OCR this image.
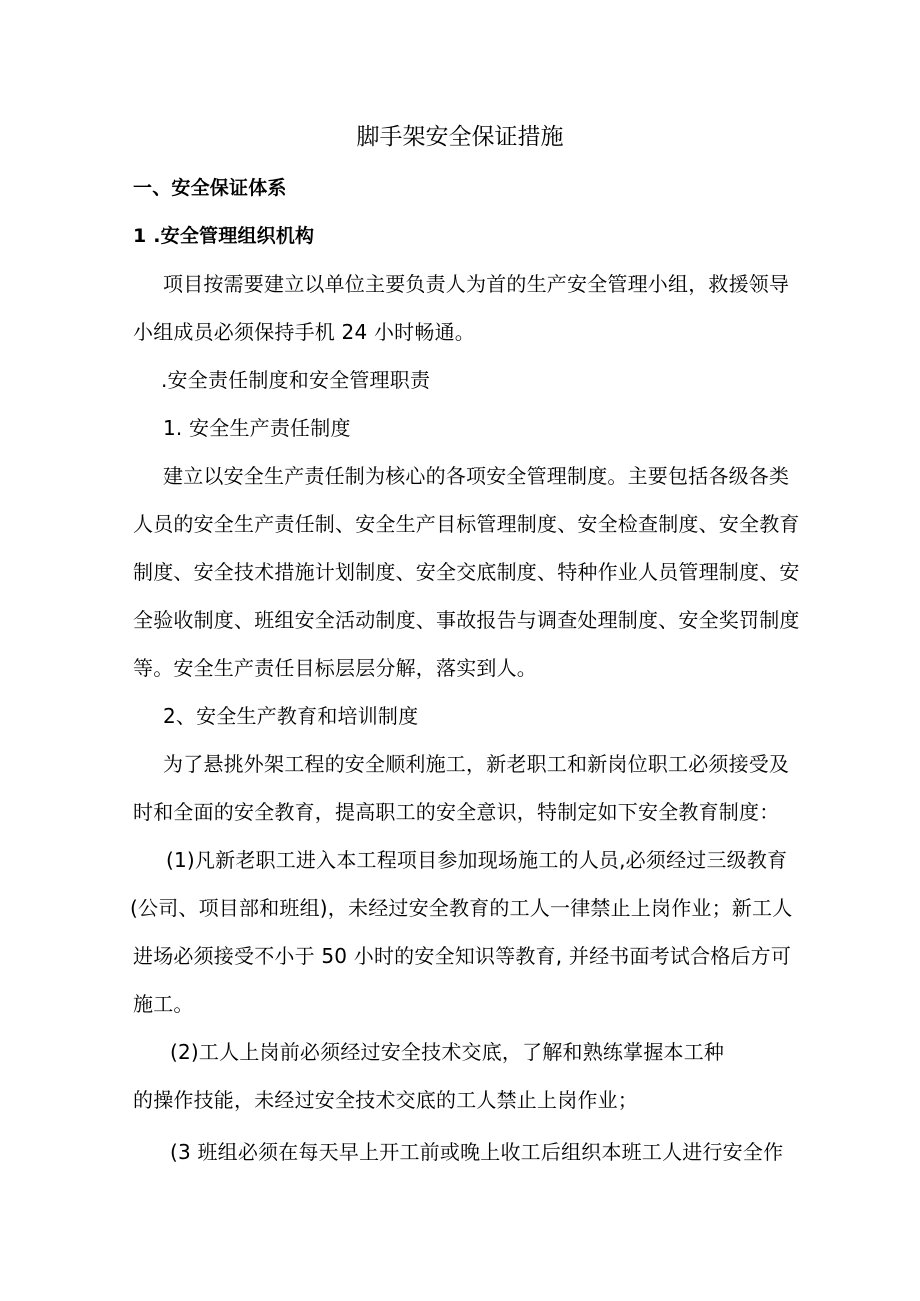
脚手架安全保证措施
一、安全保证体系
1 .安全管理组织机构
项目按需要建立以单位主要负责人为首的生产安全管理小组，救援领导
小组成员必须保持手机 24 小时畅通。
.安全责任制度和安全管理职责
1. 安全生产责任制度
建立以安全生产责任制为核心的各项安全管理制度。主要包括各级各类
人员的安全生产责任制、安全生产目标管理制度、安全检查制度、安全教育
制度、安全技术措施计划制度、安全交底制度、特种作业人员管理制度、安
全验收制度、班组安全活动制度、事故报告与调查处理制度、安全奖罚制度
等。安全生产责任目标层层分解，落实到人。
2、安全生产教育和培训制度
为了悬挑外架工程的安全顺利施工，新老职工和新岗位职工必须接受及
时和全面的安全教育，提高职工的安全意识，特制定如下安全教育制度：
(1)凡新老职工进入本工程项目参加现场施工的人员,必须经过三级教育
(公司、项目部和班组)，未经过安全教育的工人一律禁止上岗作业；新工人
进场必须接受不小于 50 小时的安全知识等教育, 并经书面考试合格后方可
施工。
(2)工人上岗前必须经过安全技术交底，了解和熟练掌握本工种
的操作技能，未经过安全技术交底的工人禁止上岗作业；
(3 班组必须在每天早上开工前或晚上收工后组织本班工人进行安全作
